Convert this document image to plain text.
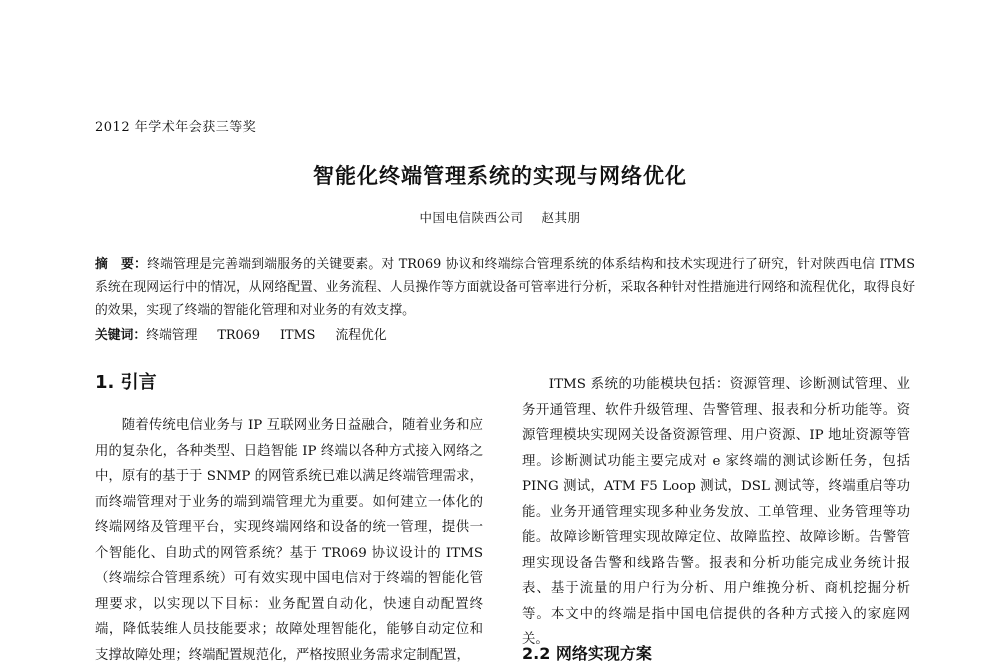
2012 年学术年会获三等奖
智能化终端管理系统的实现与网络优化
中国电信陕西公司 赵其朋
摘　要：终端管理是完善端到端服务的关键要素。对 TR069 协议和终端综合管理系统的体系结构和技术实现进行了研究，针对陕西电信 ITMS 系统在现网运行中的情况，从网络配置、业务流程、人员操作等方面就设备可管率进行分析，采取各种针对性措施进行网络和流程优化，取得良好的效果，实现了终端的智能化管理和对业务的有效支撑。
关键词：终端管理 TR069 ITMS 流程优化
1. 引言

随着传统电信业务与 IP 互联网业务日益融合，随着业务和应用的复杂化，各种类型、日趋智能 IP 终端以各种方式接入网络之中，原有的基于于 SNMP 的网管系统已难以满足终端管理需求，而终端管理对于业务的端到端管理尤为重要。如何建立一体化的终端网络及管理平台，实现终端网络和设备的统一管理，提供一个智能化、自助式的网管系统？基于 TR069 协议设计的 ITMS（终端综合管理系统）可有效实现中国电信对于终端的智能化管理要求，以实现以下目标：业务配置自动化，快速自动配置终端，降低装维人员技能要求；故障处理智能化，能够自动定位和支撑故障处理；终端配置规范化，严格按照业务需求定制配置，

ITMS 系统的功能模块包括：资源管理、诊断测试管理、业务开通管理、软件升级管理、告警管理、报表和分析功能等。资源管理模块实现网关设备资源管理、用户资源、IP 地址资源等管理。诊断测试功能主要完成对 e 家终端的测试诊断任务，包括 PING 测试，ATM F5 Loop 测试，DSL 测试等，终端重启等功能。业务开通管理实现多种业务发放、工单管理、业务管理等功能。故障诊断管理实现故障定位、故障监控、故障诊断。告警管理实现设备告警和线路告警。报表和分析功能完成业务统计报表、基于流量的用户行为分析、用户维挽分析、商机挖掘分析等。本文中的终端是指中国电信提供的各种方式接入的家庭网关。

2.2 网络实现方案
